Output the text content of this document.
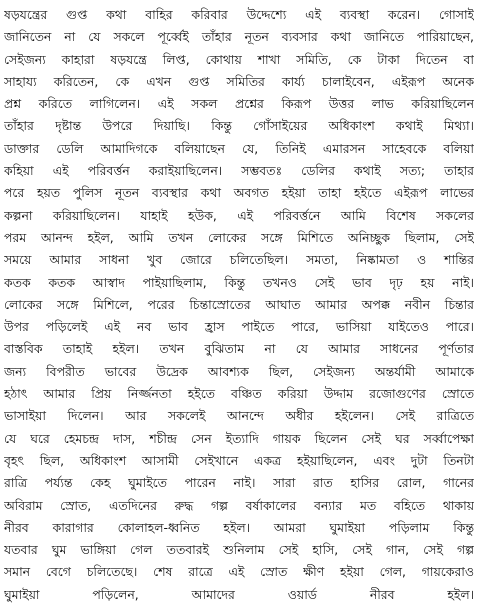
ষড়যন্ত্রের গুপ্ত কথা বাহির করিবার উদ্দেশ্যে এই ব্যবস্থা করেন। গোসাই
জানিতেন না যে সকলে পূর্ব্বেই তাঁহার নূতন ব্যবসার কথা জানিতে পারিয়াছেন,
সেইজন্য কাহারা ষড়যন্ত্রে লিপ্ত, কোথায় শাখা সমিতি, কে টাকা দিতেন বা
সাহায্য করিতেন, কে এখন গুপ্ত সমিতির কার্য্য চালাইবেন, এইরূপ অনেক
প্রশ্ন করিতে লাগিলেন। এই সকল প্রশ্নের কিরূপ উত্তর লাভ করিয়াছিলেন
তাঁহার দৃষ্টান্ত উপরে দিয়াছি। কিন্তু গোঁসাইয়ের অধিকাংশ কথাই মিথ্যা।
ডাক্তার ডেলি আমাদিগকে বলিয়াছেন যে, তিনিই এমারসন সাহেবকে বলিয়া
কহিয়া এই পরিবর্ত্তন করাইয়াছিলেন। সম্ভবতঃ ডেলির কথাই সত্য; তাহার
পরে হয়ত পুলিস নূতন ব্যবস্থার কথা অবগত হইয়া তাহা হইতে এইরূপ লাভের
কল্পনা করিয়াছিলেন। যাহাই হউক, এই পরিবর্ত্তনে আমি বিশেষ সকলের
পরম আনন্দ হইল, আমি তখন লোকের সঙ্গে মিশিতে অনিচ্ছুক ছিলাম, সেই
সময়ে আমার সাধনা খুব জোরে চলিতেছিল। সমতা, নিষ্কামতা ও শান্তির
কতক কতক আস্বাদ পাইয়াছিলাম, কিন্তু তখনও সেই ভাব দৃঢ় হয় নাই।
লোকের সঙ্গে মিশিলে, পরের চিন্তাস্রোতের আঘাত আমার অপক্ক নবীন চিন্তার
উপর পড়িলেই এই নব ভাব হ্রাস পাইতে পারে, ভাসিয়া যাইতেও পারে।
বাস্তবিক তাহাই হইল। তখন বুঝিতাম না যে আমার সাধনের পূর্ণতার
জন্য বিপরীত ভাবের উদ্রেক আবশ্যক ছিল, সেইজন্য অন্তর্যামী আমাকে
হঠাৎ আমার প্রিয় নির্জ্জনতা হইতে বঞ্চিত করিয়া উদ্দাম রজোগুণের স্রোতে
ভাসাইয়া দিলেন। আর সকলেই আনন্দে অধীর হইলেন। সেই রাত্রিতে
যে ঘরে হেমচন্দ্র দাস, শচীন্দ্র সেন ইত্যাদি গায়ক ছিলেন সেই ঘর সর্ব্বাপেক্ষা
বৃহৎ ছিল, অধিকাংশ আসামী সেইখানে একত্র হইয়াছিলেন, এবং দুটা তিনটা
রাত্রি পর্য্যন্ত কেহ ঘুমাইতে পারেন নাই। সারা রাত হাসির রোল, গানের
অবিরাম স্রোত, এতদিনের রুদ্ধ গল্প বর্ষাকালের বন্যার মত বহিতে থাকায়
নীরব কারাগার কোলাহল-ধ্বনিত হইল। আমরা ঘুমাইয়া পড়িলাম কিন্তু
যতবার ঘুম ভাঙ্গিয়া গেল ততবারই শুনিলাম সেই হাসি, সেই গান, সেই গল্প
সমান বেগে চলিতেছে। শেষ রাত্রে এই স্রোত ক্ষীণ হইয়া গেল, গায়কেরাও
ঘুমাইয়া পড়িলেন, আমাদের ওয়ার্ড নীরব হইল।
